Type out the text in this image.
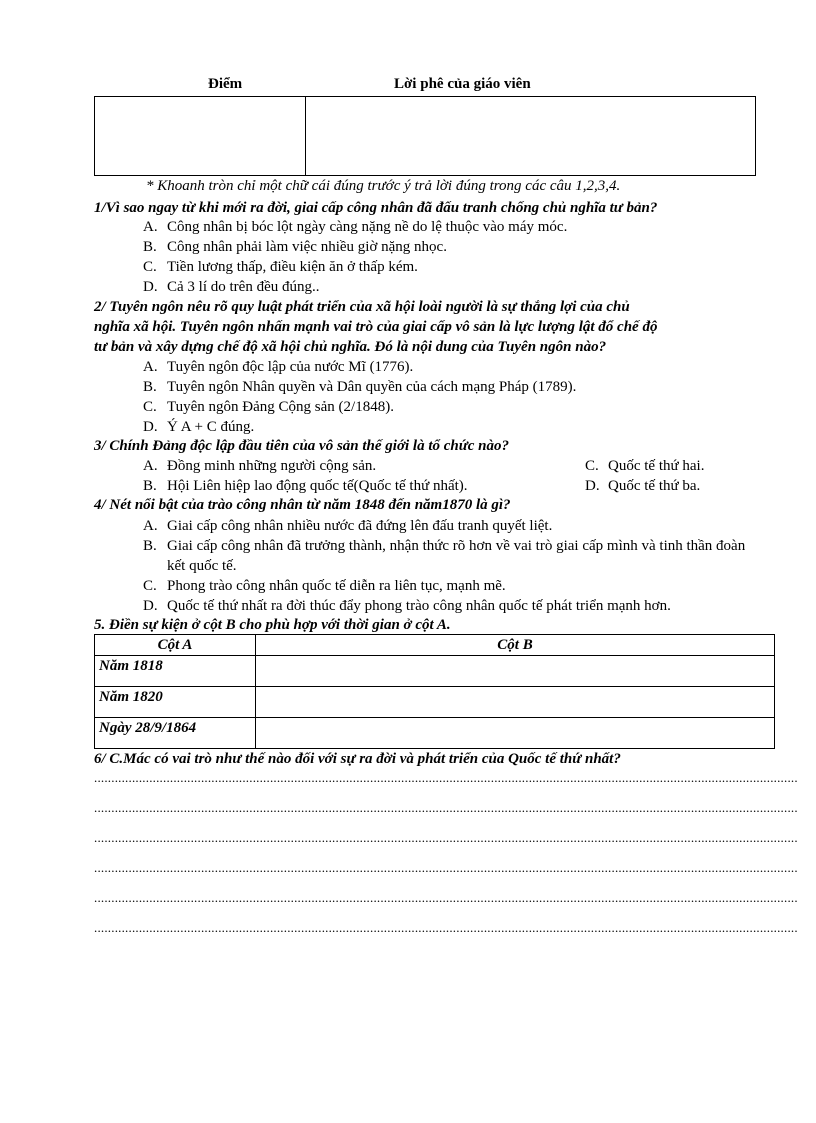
Điểm	Lời phê của giáo viên
* Khoanh tròn chỉ một chữ cái đúng trước ý trả lời đúng trong các câu 1,2,3,4.
1/Vì sao ngay từ khi mới ra đời, giai cấp công nhân đã đấu tranh chống chủ nghĩa tư bản?
A. Công nhân bị bóc lột ngày càng nặng nề do lệ thuộc vào máy móc.
B. Công nhân phải làm việc nhiều giờ nặng nhọc.
C. Tiền lương thấp, điều kiện ăn ở thấp kém.
D. Cả 3 lí do trên đều đúng..
2/ Tuyên ngôn nêu rõ quy luật phát triển của xã hội loài người là sự thắng lợi của chủ
nghĩa xã hội. Tuyên ngôn nhấn mạnh vai trò của giai cấp vô sản là lực lượng lật đổ chế độ
tư bản và xây dựng chế độ xã hội chủ nghĩa. Đó là nội dung của Tuyên ngôn nào?
A. Tuyên ngôn độc lập của nước Mĩ (1776).
B. Tuyên ngôn Nhân quyền và Dân quyền của cách mạng Pháp (1789).
C. Tuyên ngôn Đảng Cộng sản (2/1848).
D. Ý A + C đúng.
3/ Chính Đảng độc lập đầu tiên của vô sản thế giới là tổ chức nào?
A. Đồng minh những người cộng sản.	C. Quốc tế thứ hai.
B. Hội Liên hiệp lao động quốc tế(Quốc tế thứ nhất).	D. Quốc tế thứ ba.
4/ Nét nổi bật của trào công nhân từ năm 1848 đến năm1870 là gì?
A. Giai cấp công nhân nhiều nước đã đứng lên đấu tranh quyết liệt.
B. Giai cấp công nhân đã trưởng thành, nhận thức rõ hơn về vai trò giai cấp mình và tinh thần đoàn kết quốc tế.
C. Phong trào công nhân quốc tế diễn ra liên tục, mạnh mẽ.
D. Quốc tế thứ nhất ra đời thúc đẩy phong trào công nhân quốc tế phát triển mạnh hơn.
5. Điền sự kiện ở cột B cho phù hợp với thời gian ở cột A.
Cột A	Cột B
Năm 1818	
Năm 1820	
Ngày 28/9/1864	
6/ C.Mác có vai trò như thế nào đối với sự ra đời và phát triển của Quốc tế thứ nhất?
............................................................................................................................................................................................................
............................................................................................................................................................................................................
............................................................................................................................................................................................................
............................................................................................................................................................................................................
............................................................................................................................................................................................................
............................................................................................................................................................................................................
